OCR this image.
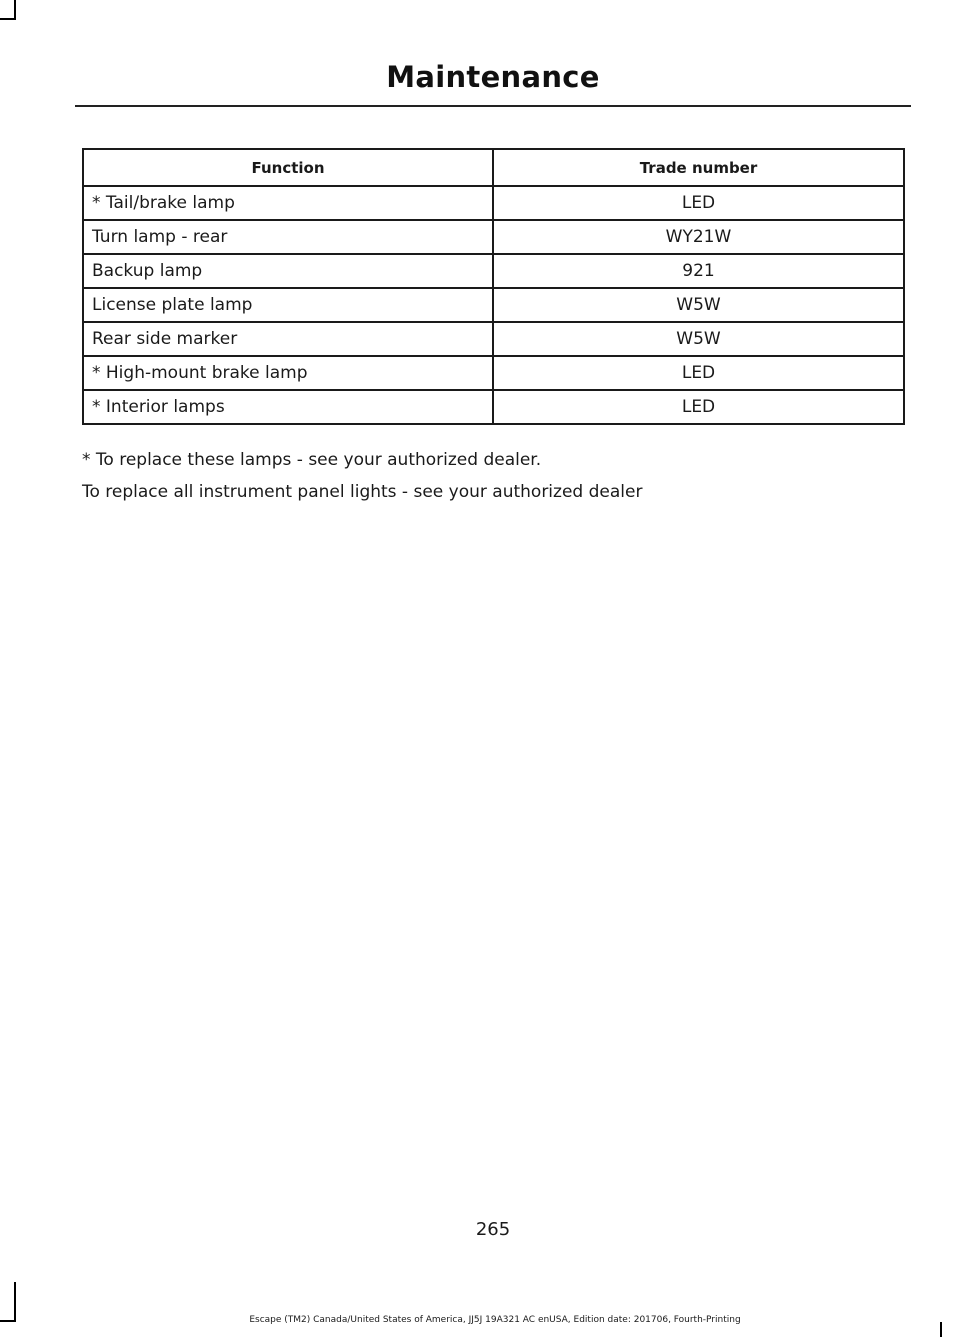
Maintenance
Function	Trade number
* Tail/brake lamp	LED
Turn lamp - rear	WY21W
Backup lamp	921
License plate lamp	W5W
Rear side marker	W5W
* High-mount brake lamp	LED
* Interior lamps	LED
* To replace these lamps - see your authorized dealer.
To replace all instrument panel lights - see your authorized dealer
265
Escape (TM2) Canada/United States of America, JJ5J 19A321 AC enUSA, Edition date: 201706, Fourth-Printing
